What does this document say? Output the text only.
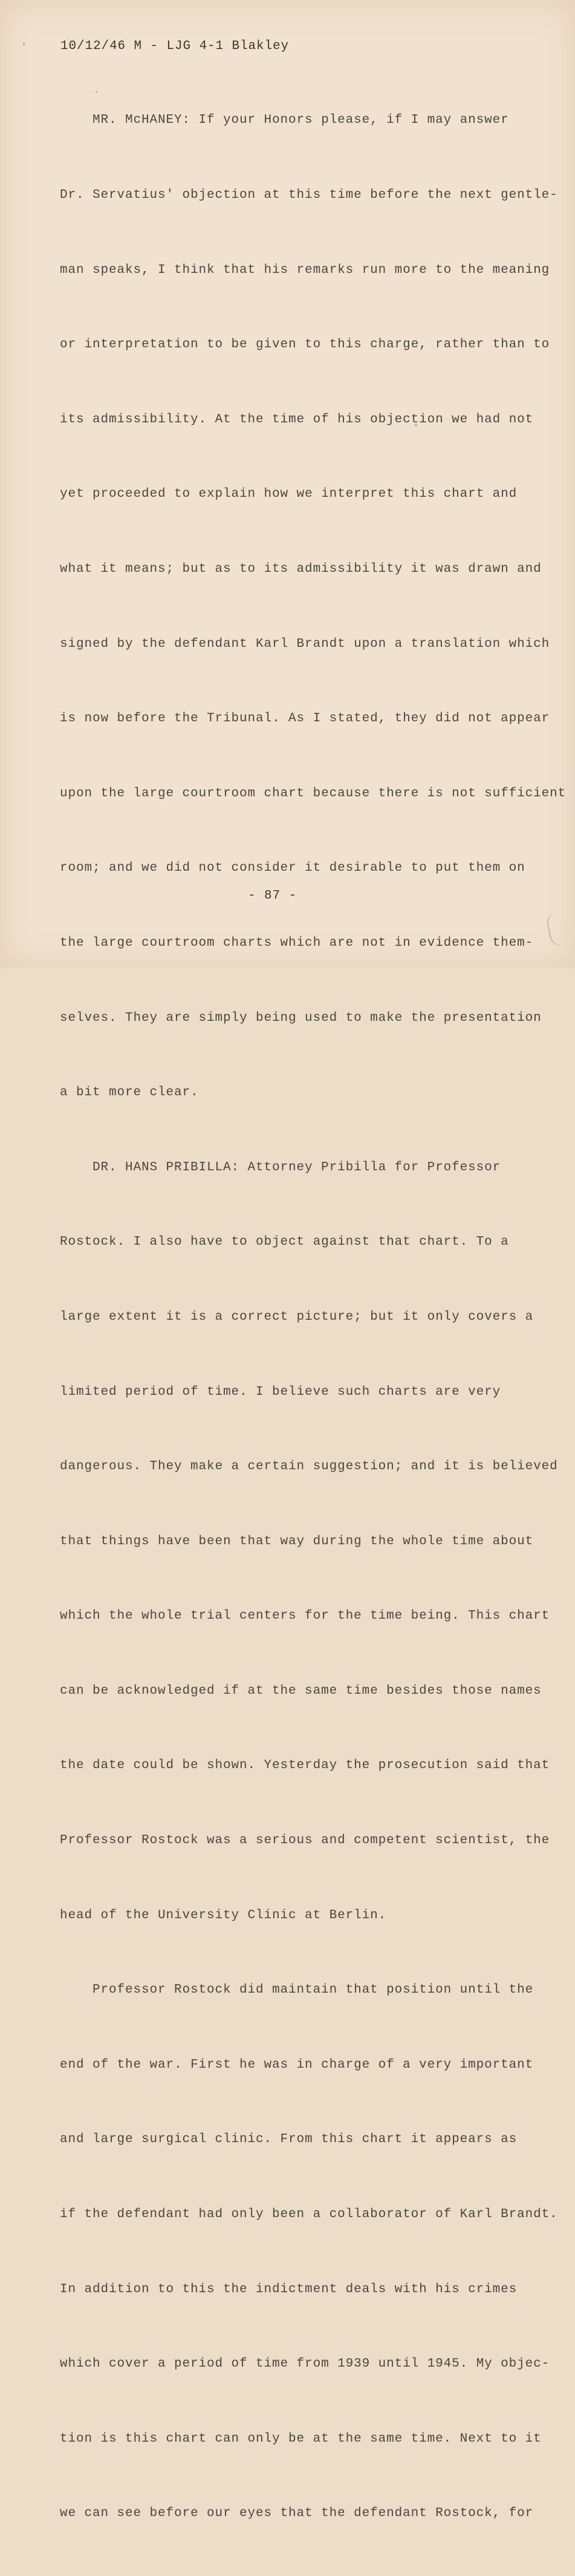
10/12/46 M - LJG 4-1 Blakley

MR. McHANEY: If your Honors please, if I may answer

Dr. Servatius' objection at this time before the next gentle-

man speaks, I think that his remarks run more to the meaning

or interpretation to be given to this charge, rather than to

its admissibility. At the time of his objection we had not

yet proceeded to explain how we interpret this chart and

what it means; but as to its admissibility it was drawn and

signed by the defendant Karl Brandt upon a translation which

is now before the Tribunal. As I stated, they did not appear

upon the large courtroom chart because there is not sufficient

room; and we did not consider it desirable to put them on

the large courtroom charts which are not in evidence them-

selves. They are simply being used to make the presentation

a bit more clear.

DR. HANS PRIBILLA: Attorney Pribilla for Professor

Rostock. I also have to object against that chart. To a

large extent it is a correct picture; but it only covers a

limited period of time. I believe such charts are very

dangerous. They make a certain suggestion; and it is believed

that things have been that way during the whole time about

which the whole trial centers for the time being. This chart

can be acknowledged if at the same time besides those names

the date could be shown. Yesterday the prosecution said that

Professor Rostock was a serious and competent scientist, the

head of the University Clinic at Berlin.

Professor Rostock did maintain that position until the

end of the war. First he was in charge of a very important

and large surgical clinic. From this chart it appears as

if the defendant had only been a collaborator of Karl Brandt.

In addition to this the indictment deals with his crimes

which cover a period of time from 1939 until 1945. My objec-

tion is this chart can only be at the same time. Next to it

we can see before our eyes that the defendant Rostock, for

- 87 -
